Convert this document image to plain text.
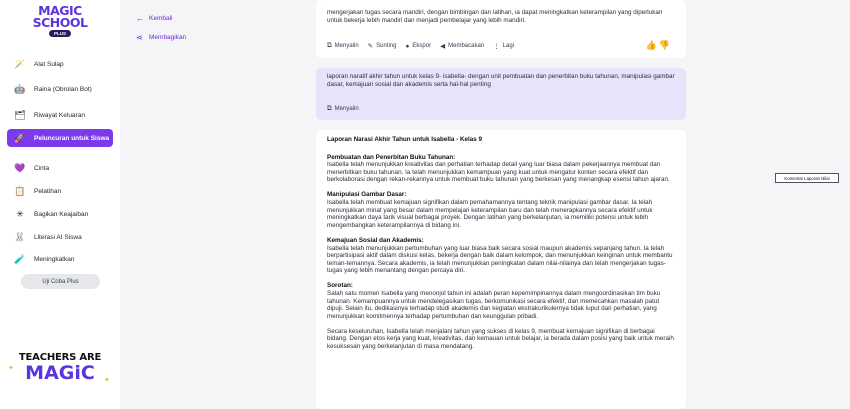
MAGIC
SCHOOL
PLUS
🪄	Alat Sulap
🤖	Raina (Obrolan Bot)
🗂	Riwayat Keluaran
🚀	Peluncuran untuk Siswa
💜	Cinta
📋	Pelatihan
✳	Bagikan Keajaiban
🐰	Literasi AI Siswa
🧪	Meningkatkan
Uji Coba Plus
TEACHERS ARE
MAGiC
✦
✦
← Kembali
⋖ Membagikan
mengerjakan tugas secara mandiri, dengan bimbingan dan latihan, ia dapat meningkatkan keterampilan yang diperlukan untuk bekerja lebih mandiri dan menjadi pembelajar yang lebih mandiri.
⧉ Menyalin ✎ Sunting ● Ekspor ◀ Membacakan ⋮ Lagi	👍👎
laporan naratif akhir tahun untuk kelas 9- isabella- dengan unit pembuatan dan penerbitan buku tahunan, manipulasi gambar dasar, kemajuan sosial dan akademis serta hal-hal penting
⧉ Menyalin
Laporan Narasi Akhir Tahun untuk Isabella - Kelas 9
Pembuatan dan Penerbitan Buku Tahunan:
Isabella telah menunjukkan kreativitas dan perhatian terhadap detail yang luar biasa dalam pekerjaannya membuat dan menerbitkan buku tahunan. Ia telah menunjukkan kemampuan yang kuat untuk mengatur konten secara efektif dan berkolaborasi dengan rekan-rekannya untuk membuat buku tahunan yang berkesan yang menangkap esensi tahun ajaran.
Manipulasi Gambar Dasar:
Isabella telah membuat kemajuan signifikan dalam pemahamannya tentang teknik manipulasi gambar dasar. Ia telah menunjukkan minat yang besar dalam mempelajari keterampilan baru dan telah menerapkannya secara efektif untuk meningkatkan daya tarik visual berbagai proyek. Dengan latihan yang berkelanjutan, ia memiliki potensi untuk lebih mengembangkan keterampilannya di bidang ini.
Kemajuan Sosial dan Akademis:
Isabella telah menunjukkan pertumbuhan yang luar biasa baik secara sosial maupun akademis sepanjang tahun. Ia telah berpartisipasi aktif dalam diskusi kelas, bekerja dengan baik dalam kelompok, dan menunjukkan keinginan untuk membantu teman-temannya. Secara akademis, ia telah menunjukkan peningkatan dalam nilai-nilainya dan telah mengerjakan tugas-tugas yang lebih menantang dengan percaya diri.
Sorotan:
Salah satu momen Isabella yang menonjol tahun ini adalah peran kepemimpinannya dalam mengoordinasikan tim buku tahunan. Kemampuannya untuk mendelegasikan tugas, berkomunikasi secara efektif, dan memecahkan masalah patut dipuji. Selain itu, dedikasinya terhadap studi akademis dan kegiatan ekstrakurikulernya tidak luput dari perhatian, yang menunjukkan komitmennya terhadap pertumbuhan dan keunggulan pribadi.
Secara keseluruhan, Isabella telah menjalani tahun yang sukses di kelas 9, membuat kemajuan signifikan di berbagai bidang. Dengan etos kerja yang kuat, kreativitas, dan kemauan untuk belajar, ia berada dalam posisi yang baik untuk meraih kesuksesan yang berkelanjutan di masa mendatang.
Komentar Laporan Nilai
